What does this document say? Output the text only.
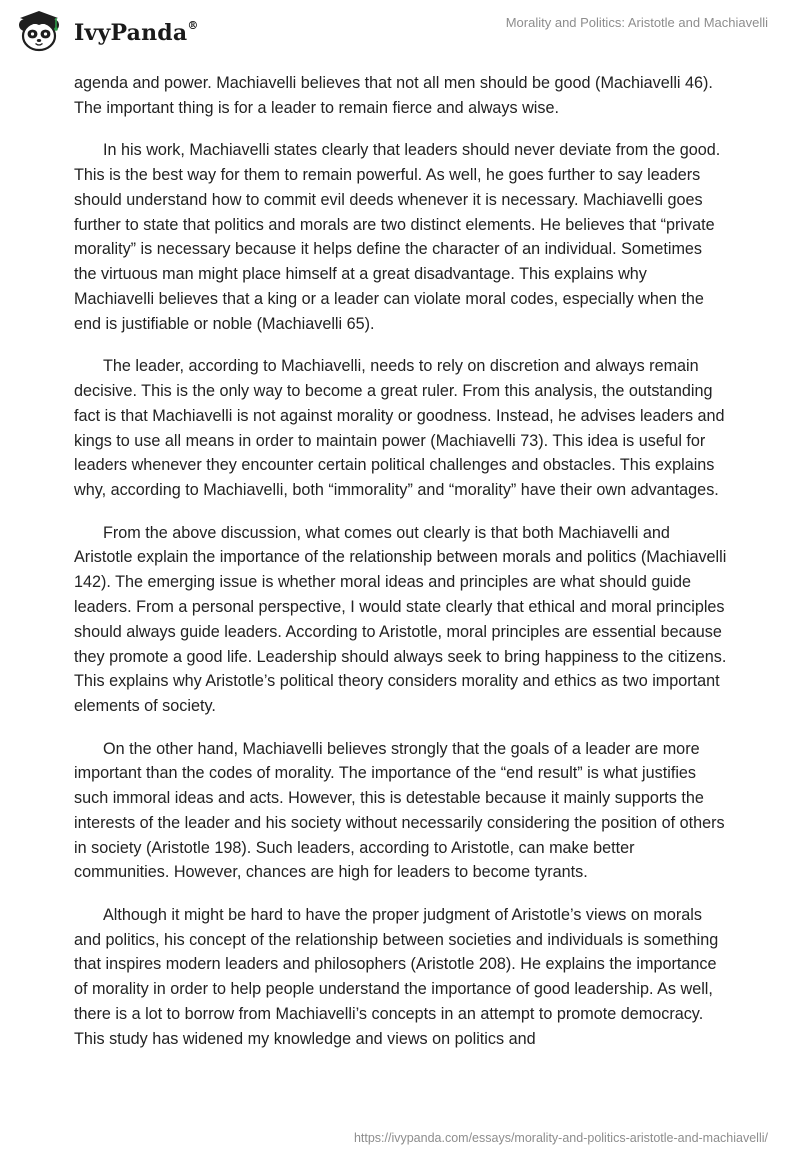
IvyPanda®	Morality and Politics: Aristotle and Machiavelli

agenda and power. Machiavelli believes that not all men should be good (Machiavelli 46). The important thing is for a leader to remain fierce and always wise.

In his work, Machiavelli states clearly that leaders should never deviate from the good. This is the best way for them to remain powerful. As well, he goes further to say leaders should understand how to commit evil deeds whenever it is necessary. Machiavelli goes further to state that politics and morals are two distinct elements. He believes that “private morality” is necessary because it helps define the character of an individual. Sometimes the virtuous man might place himself at a great disadvantage. This explains why Machiavelli believes that a king or a leader can violate moral codes, especially when the end is justifiable or noble (Machiavelli 65).

The leader, according to Machiavelli, needs to rely on discretion and always remain decisive. This is the only way to become a great ruler. From this analysis, the outstanding fact is that Machiavelli is not against morality or goodness. Instead, he advises leaders and kings to use all means in order to maintain power (Machiavelli 73). This idea is useful for leaders whenever they encounter certain political challenges and obstacles. This explains why, according to Machiavelli, both “immorality” and “morality” have their own advantages.

From the above discussion, what comes out clearly is that both Machiavelli and Aristotle explain the importance of the relationship between morals and politics (Machiavelli 142). The emerging issue is whether moral ideas and principles are what should guide leaders. From a personal perspective, I would state clearly that ethical and moral principles should always guide leaders. According to Aristotle, moral principles are essential because they promote a good life. Leadership should always seek to bring happiness to the citizens. This explains why Aristotle’s political theory considers morality and ethics as two important elements of society.

On the other hand, Machiavelli believes strongly that the goals of a leader are more important than the codes of morality. The importance of the “end result” is what justifies such immoral ideas and acts. However, this is detestable because it mainly supports the interests of the leader and his society without necessarily considering the position of others in society (Aristotle 198). Such leaders, according to Aristotle, can make better communities. However, chances are high for leaders to become tyrants.

Although it might be hard to have the proper judgment of Aristotle’s views on morals and politics, his concept of the relationship between societies and individuals is something that inspires modern leaders and philosophers (Aristotle 208). He explains the importance of morality in order to help people understand the importance of good leadership. As well, there is a lot to borrow from Machiavelli’s concepts in an attempt to promote democracy. This study has widened my knowledge and views on politics and

https://ivypanda.com/essays/morality-and-politics-aristotle-and-machiavelli/
